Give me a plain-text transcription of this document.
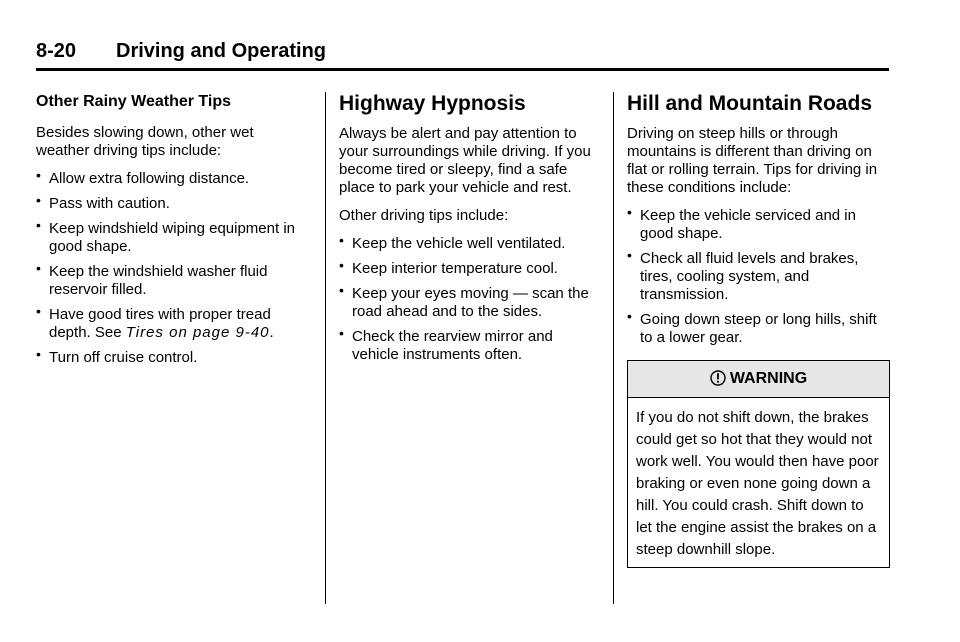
8-20 Driving and Operating
Other Rainy Weather Tips

Besides slowing down, other wet weather driving tips include:

• Allow extra following distance.
• Pass with caution.
• Keep windshield wiping equipment in good shape.
• Keep the windshield washer fluid reservoir filled.
• Have good tires with proper tread depth. See Tires on page 9-40.
• Turn off cruise control.
Highway Hypnosis

Always be alert and pay attention to your surroundings while driving. If you become tired or sleepy, find a safe place to park your vehicle and rest.

Other driving tips include:

• Keep the vehicle well ventilated.
• Keep interior temperature cool.
• Keep your eyes moving — scan the road ahead and to the sides.
• Check the rearview mirror and vehicle instruments often.
Hill and Mountain Roads

Driving on steep hills or through mountains is different than driving on flat or rolling terrain. Tips for driving in these conditions include:

• Keep the vehicle serviced and in good shape.
• Check all fluid levels and brakes, tires, cooling system, and transmission.
• Going down steep or long hills, shift to a lower gear.
WARNING
If you do not shift down, the brakes could get so hot that they would not work well. You would then have poor braking or even none going down a hill. You could crash. Shift down to let the engine assist the brakes on a steep downhill slope.
